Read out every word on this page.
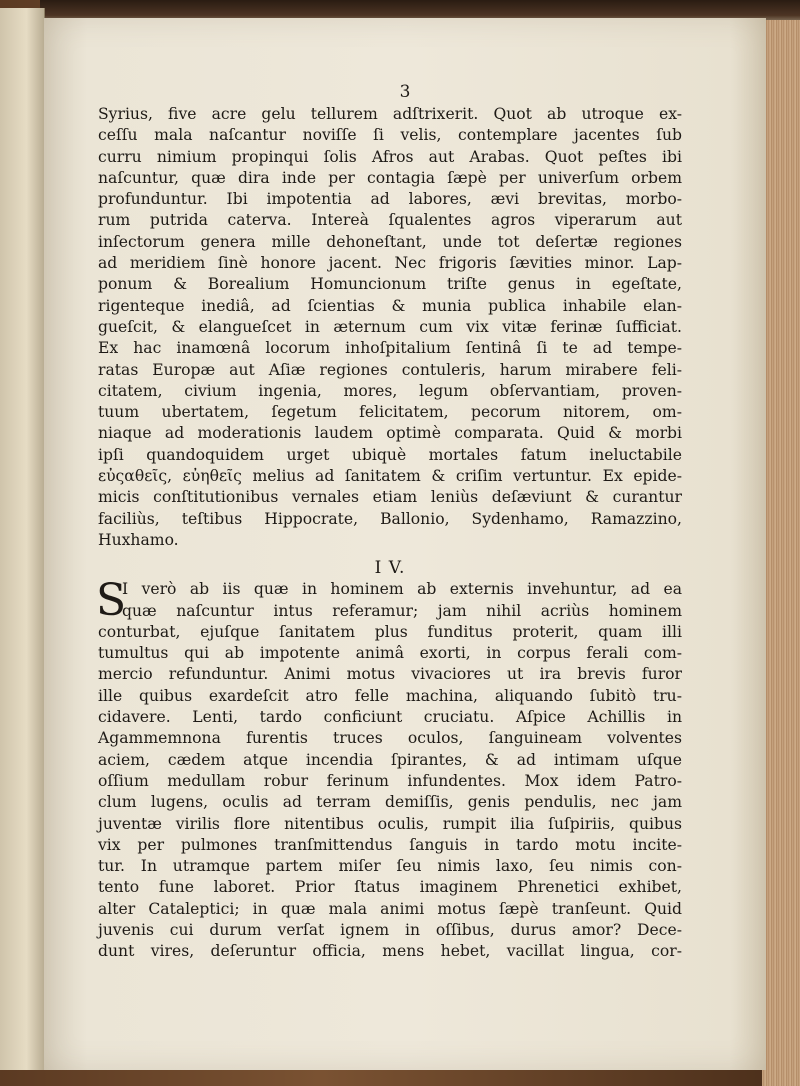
3
Syrius, five acre gelu tellurem adſtrixerit. Quot ab utroque ex-
ceſſu mala naſcantur noviſſe ſi velis, contemplare jacentes ſub
curru nimium propinqui ſolis Afros aut Arabas. Quot peſtes ibi
naſcuntur, quæ dira inde per contagia ſæpè per univerſum orbem
profunduntur. Ibi impotentia ad labores, ævi brevitas, morbo-
rum putrida caterva. Intereà ſqualentes agros viperarum aut
inſectorum genera mille dehoneſtant, unde tot deſertæ regiones
ad meridiem ſinè honore jacent. Nec frigoris ſævities minor. Lap-
ponum & Borealium Homuncionum triſte genus in egeſtate,
rigenteque inediâ, ad ſcientias & munia publica inhabile elan-
gueſcit, & elangueſcet in æternum cum vix vitæ ferinæ ſufficiat.
Ex hac inamœnâ locorum inhoſpitalium ſentinâ ſi te ad tempe-
ratas Europæ aut Aſiæ regiones contuleris, harum mirabere feli-
citatem, civium ingenia, mores, legum obſervantiam, proven-
tuum ubertatem, ſegetum felicitatem, pecorum nitorem, om-
niaque ad moderationis laudem optimè comparata. Quid & morbi
ipſi quandoquidem urget ubiquè mortales fatum ineluctabile
εὐςαθεῖς, εὐηθεῖς melius ad ſanitatem & criſim vertuntur. Ex epide-
micis conſtitutionibus vernales etiam leniùs deſæviunt & curantur
faciliùs, teſtibus Hippocrate, Ballonio, Sydenhamo, Ramazzino,
Huxhamo.
I V.
S
I verò ab iis quæ in hominem ab externis invehuntur, ad ea
quæ naſcuntur intus referamur; jam nihil acriùs hominem
conturbat, ejuſque ſanitatem plus funditus proterit, quam illi
tumultus qui ab impotente animâ exorti, in corpus ferali com-
mercio refunduntur. Animi motus vivaciores ut ira brevis furor
ille quibus exardeſcit atro felle machina, aliquando ſubitò tru-
cidavere. Lenti, tardo conficiunt cruciatu. Aſpice Achillis in
Agammemnona furentis truces oculos, ſanguineam volventes
aciem, cædem atque incendia ſpirantes, & ad intimam uſque
oſſium medullam robur ferinum infundentes. Mox idem Patro-
clum lugens, oculis ad terram demiſſis, genis pendulis, nec jam
juventæ virilis flore nitentibus oculis, rumpit ilia ſuſpiriis, quibus
vix per pulmones tranſmittendus ſanguis in tardo motu incite-
tur. In utramque partem miſer ſeu nimis laxo, ſeu nimis con-
tento fune laboret. Prior ſtatus imaginem Phrenetici exhibet,
alter Cataleptici; in quæ mala animi motus ſæpè tranſeunt. Quid
juvenis cui durum verſat ignem in oſſibus, durus amor? Dece-
dunt vires, deſeruntur officia, mens hebet, vacillat lingua, cor-
